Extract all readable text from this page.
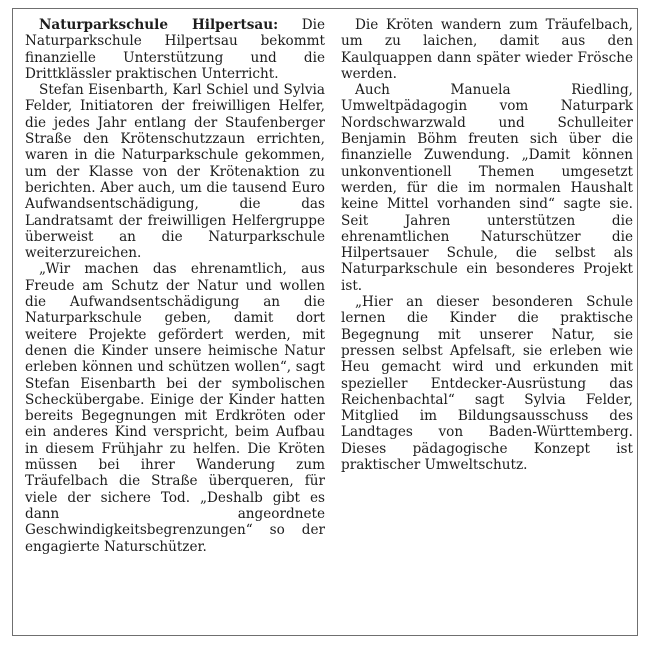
Naturparkschule Hilpertsau: Die Naturparkschule Hilpertsau bekommt finanzielle Unterstützung und die Drittklässler praktischen Unterricht.

Stefan Eisenbarth, Karl Schiel und Sylvia Felder, Initiatoren der freiwilligen Helfer, die jedes Jahr entlang der Staufenberger Straße den Krötenschutzzaun errichten, waren in die Naturparkschule gekommen, um der Klasse von der Krötenaktion zu berichten. Aber auch, um die tausend Euro Aufwandsentschädigung, die das Landratsamt der freiwilligen Helfergruppe überweist an die Naturparkschule weiterzureichen.

„Wir machen das ehrenamtlich, aus Freude am Schutz der Natur und wollen die Aufwandsentschädigung an die Naturparkschule geben, damit dort weitere Projekte gefördert werden, mit denen die Kinder unsere heimische Natur erleben können und schützen wollen“, sagt Stefan Eisenbarth bei der symbolischen Scheckübergabe. Einige der Kinder hatten bereits Begegnungen mit Erdkröten oder ein anderes Kind verspricht, beim Aufbau in diesem Frühjahr zu helfen. Die Kröten müssen bei ihrer Wanderung zum Träufelbach die Straße überqueren, für viele der sichere Tod. „Deshalb gibt es dann angeordnete Geschwindigkeitsbegrenzungen“ so der engagierte Naturschützer.

Die Kröten wandern zum Träufelbach, um zu laichen, damit aus den Kaulquappen dann später wieder Frösche werden.

Auch Manuela Riedling, Umweltpädagogin vom Naturpark Nordschwarzwald und Schulleiter Benjamin Böhm freuten sich über die finanzielle Zuwendung. „Damit können unkonventionell Themen umgesetzt werden, für die im normalen Haushalt keine Mittel vorhanden sind“ sagte sie. Seit Jahren unterstützen die ehrenamtlichen Naturschützer die Hilpertsauer Schule, die selbst als Naturparkschule ein besonderes Projekt ist.

„Hier an dieser besonderen Schule lernen die Kinder die praktische Begegnung mit unserer Natur, sie pressen selbst Apfelsaft, sie erleben wie Heu gemacht wird und erkunden mit spezieller Entdecker-Ausrüstung das Reichenbachtal“ sagt Sylvia Felder, Mitglied im Bildungsausschuss des Landtages von Baden-Württemberg. Dieses pädagogische Konzept ist praktischer Umweltschutz.
